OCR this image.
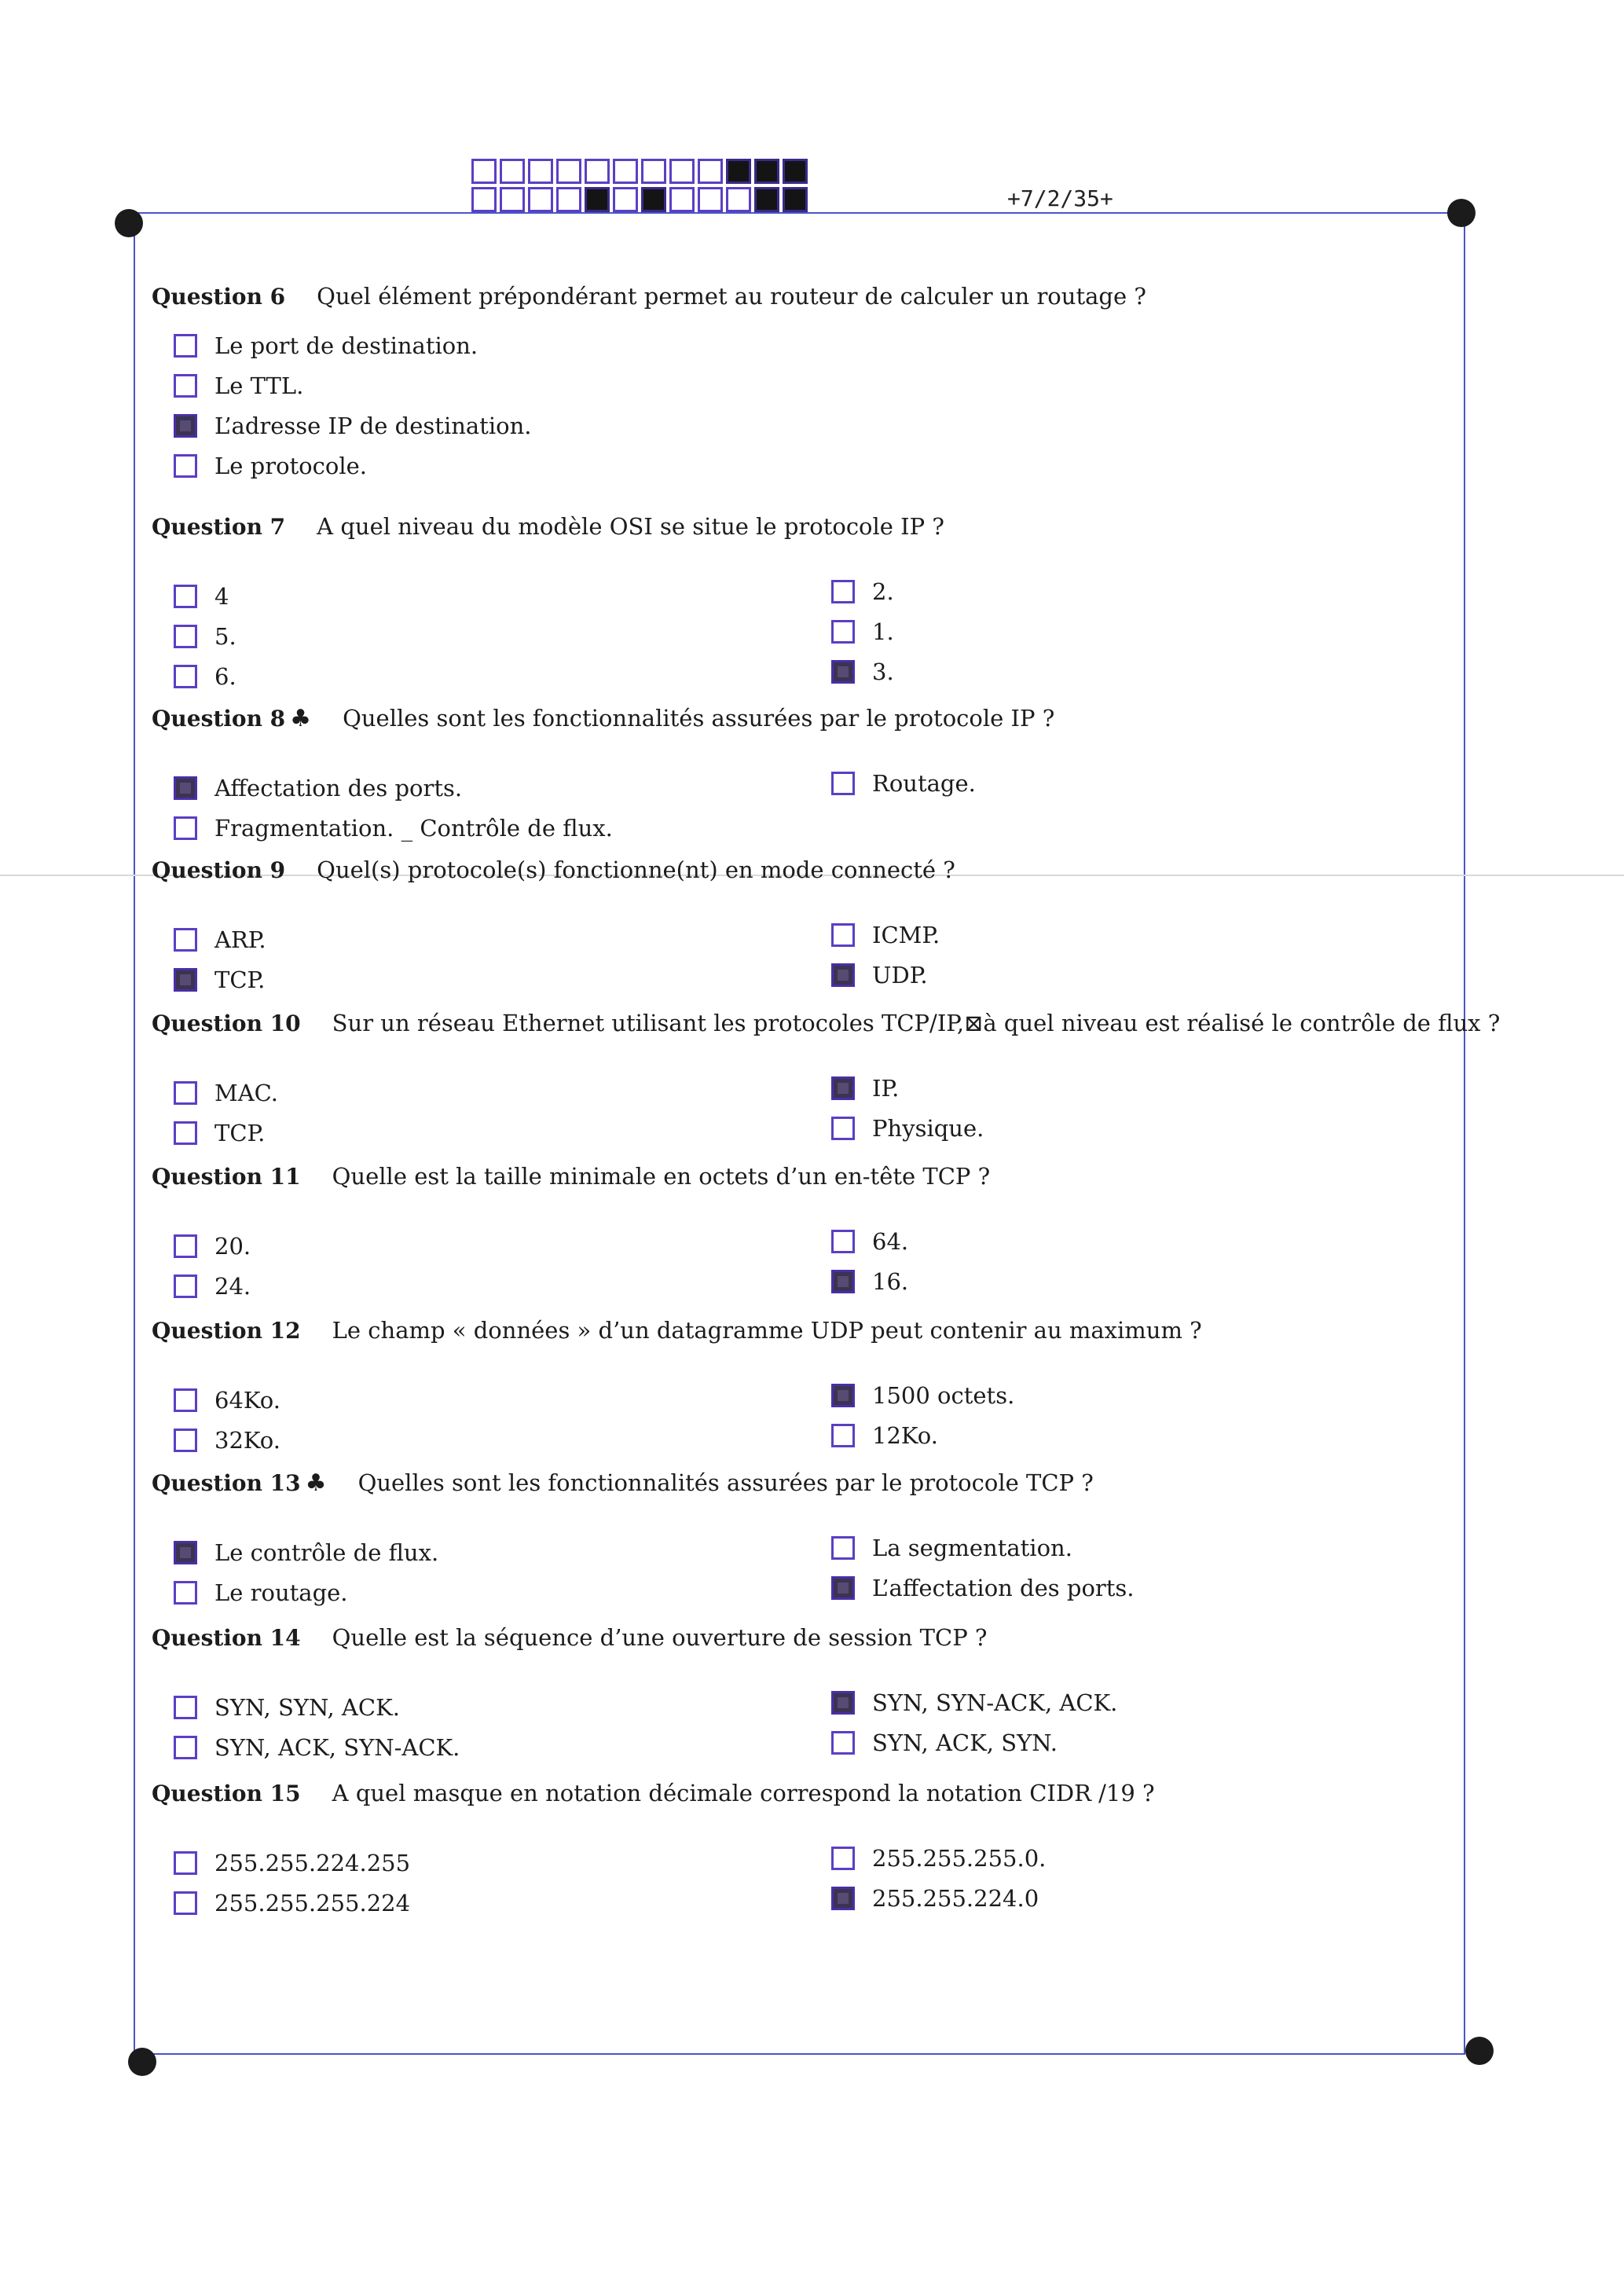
+7/2/35+
Question 6 Quel élément prépondérant permet au routeur de calculer un routage ?
Le port de destination.
Le TTL.
L’adresse IP de destination.
Le protocole.
Question 7 A quel niveau du modèle OSI se situe le protocole IP ?
4
5.
6.
2.
1.
3.
Question 8 ♣ Quelles sont les fonctionnalités assurées par le protocole IP ?
Affectation des ports.
Fragmentation. _ Contrôle de flux.
Routage.
Question 9 Quel(s) protocole(s) fonctionne(nt) en mode connecté ?
ARP.
TCP.
ICMP.
UDP.
Question 10 Sur un réseau Ethernet utilisant les protocoles TCP/IP,⊠à quel niveau est réalisé le contrôle de flux ?
MAC.
TCP.
IP.
Physique.
Question 11 Quelle est la taille minimale en octets d’un en-tête TCP ?
20.
24.
64.
16.
Question 12 Le champ « données » d’un datagramme UDP peut contenir au maximum ?
64Ko.
32Ko.
1500 octets.
12Ko.
Question 13 ♣ Quelles sont les fonctionnalités assurées par le protocole TCP ?
Le contrôle de flux.
Le routage.
La segmentation.
L’affectation des ports.
Question 14 Quelle est la séquence d’une ouverture de session TCP ?
SYN, SYN, ACK.
SYN, ACK, SYN-ACK.
SYN, SYN-ACK, ACK.
SYN, ACK, SYN.
Question 15 A quel masque en notation décimale correspond la notation CIDR /19 ?
255.255.224.255
255.255.255.224
255.255.255.0.
255.255.224.0
